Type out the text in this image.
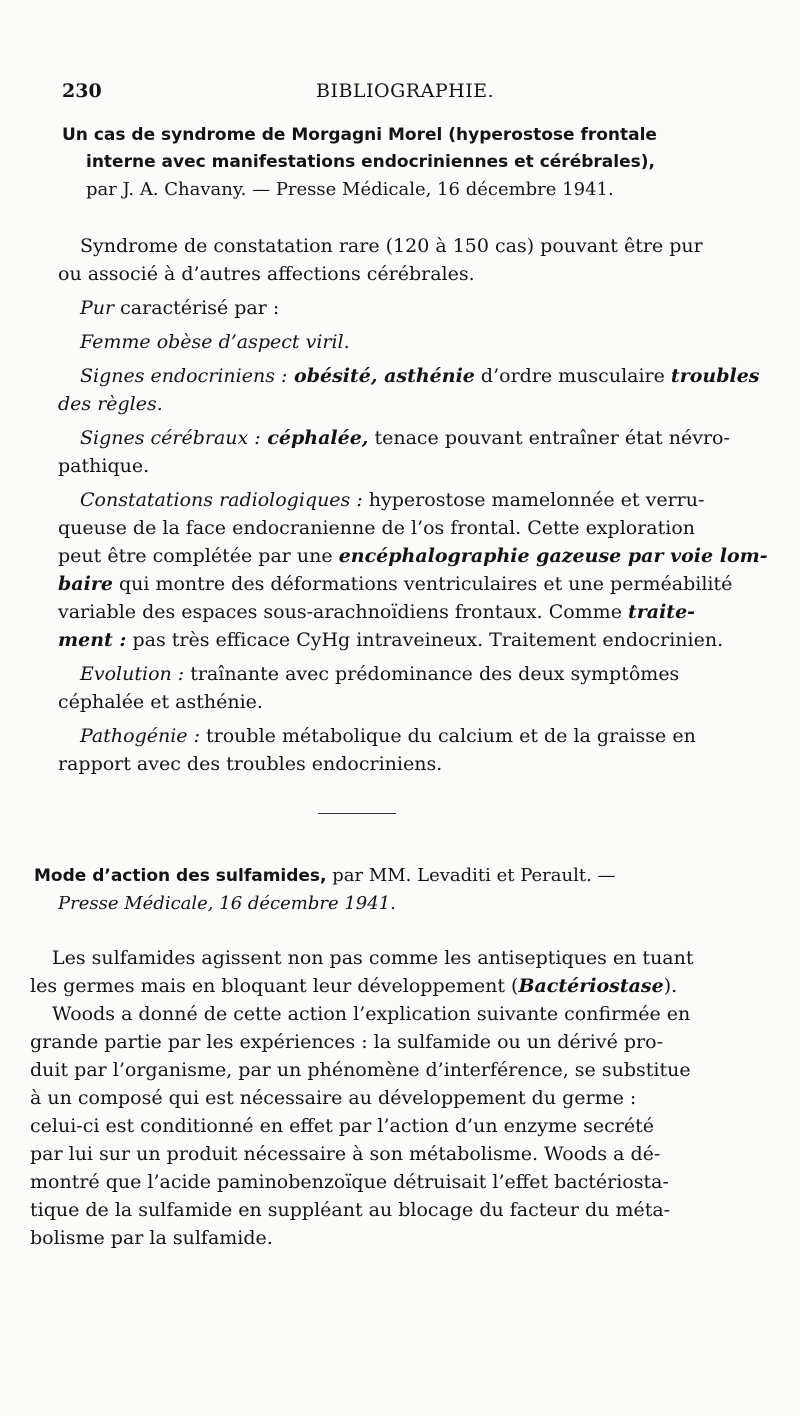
230	BIBLIOGRAPHIE.
Un cas de syndrome de Morgagni Morel (hyperostose frontale
interne avec manifestations endocriniennes et cérébrales),
par J. A. Chavany. — Presse Médicale, 16 décembre 1941.
Syndrome de constatation rare (120 à 150 cas) pouvant être pur
ou associé à d’autres affections cérébrales.
Pur caractérisé par :
Femme obèse d’aspect viril.
Signes endocriniens : obésité, asthénie d’ordre musculaire troubles
des règles.
Signes cérébraux : céphalée, tenace pouvant entraîner état névro-
pathique.
Constatations radiologiques : hyperostose mamelonnée et verru-
queuse de la face endocranienne de l’os frontal. Cette exploration
peut être complétée par une encéphalographie gazeuse par voie lom-
baire qui montre des déformations ventriculaires et une perméabilité
variable des espaces sous-arachnoïdiens frontaux. Comme traite-
ment : pas très efficace CyHg intraveineux. Traitement endocrinien.
Evolution : traînante avec prédominance des deux symptômes
céphalée et asthénie.
Pathogénie : trouble métabolique du calcium et de la graisse en
rapport avec des troubles endocriniens.
Mode d’action des sulfamides, par MM. Levaditi et Perault. —
Presse Médicale, 16 décembre 1941.
Les sulfamides agissent non pas comme les antiseptiques en tuant
les germes mais en bloquant leur développement (Bactériostase).
Woods a donné de cette action l’explication suivante confirmée en
grande partie par les expériences : la sulfamide ou un dérivé pro-
duit par l’organisme, par un phénomène d’interférence, se substitue
à un composé qui est nécessaire au développement du germe :
celui-ci est conditionné en effet par l’action d’un enzyme secrété
par lui sur un produit nécessaire à son métabolisme. Woods a dé-
montré que l’acide paminobenzoïque détruisait l’effet bactériosta-
tique de la sulfamide en suppléant au blocage du facteur du méta-
bolisme par la sulfamide.
